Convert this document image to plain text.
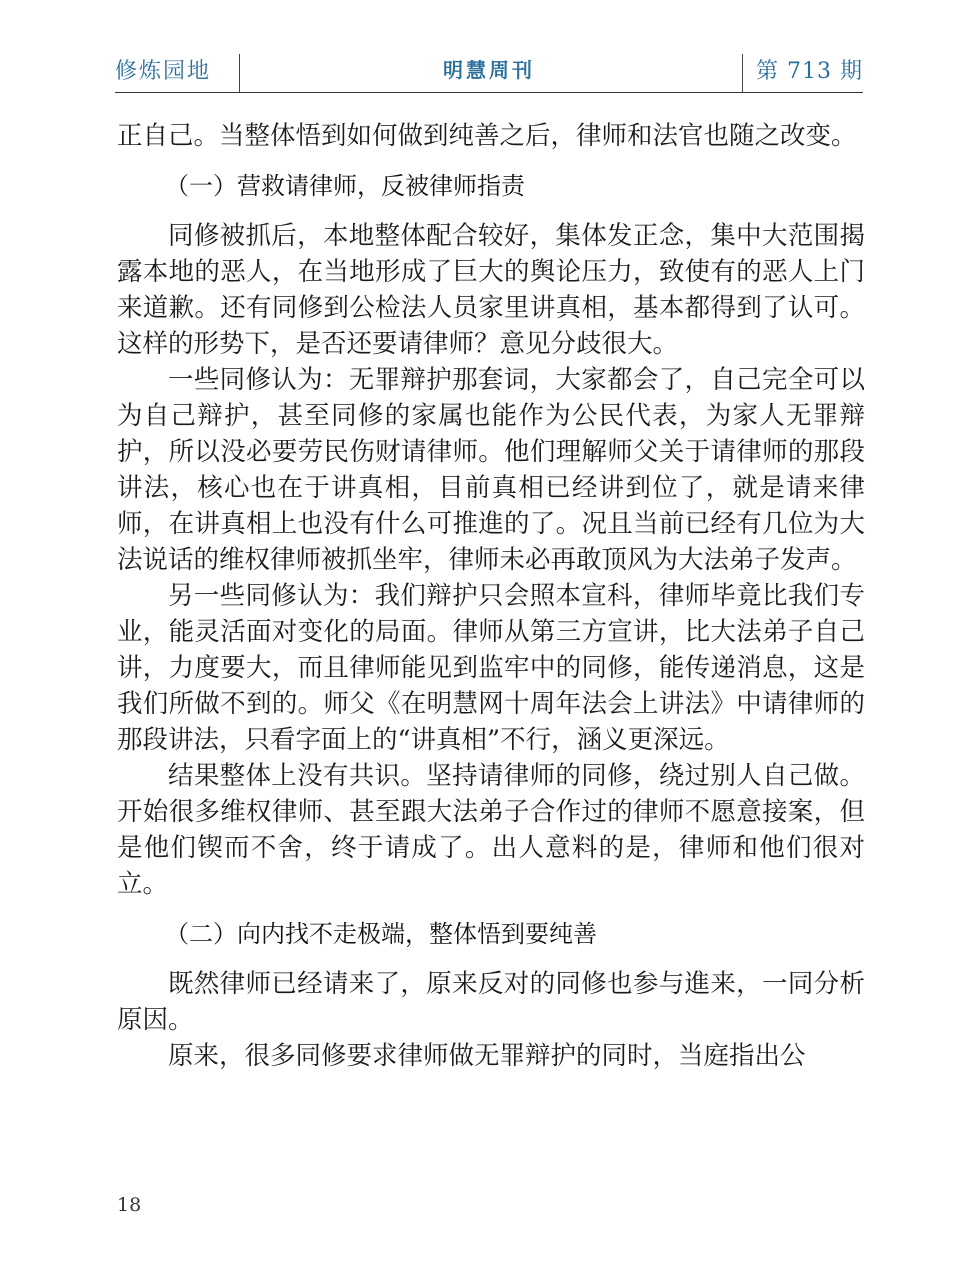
修炼园地	明慧周刊	第 713 期

正自己。当整体悟到如何做到纯善之后，律师和法官也随之改变。

（一）营救请律师，反被律师指责

同修被抓后，本地整体配合较好，集体发正念，集中大范围揭露本地的恶人，在当地形成了巨大的舆论压力，致使有的恶人上门来道歉。还有同修到公检法人员家里讲真相，基本都得到了认可。这样的形势下，是否还要请律师？意见分歧很大。

一些同修认为：无罪辩护那套词，大家都会了，自己完全可以为自己辩护，甚至同修的家属也能作为公民代表，为家人无罪辩护，所以没必要劳民伤财请律师。他们理解师父关于请律师的那段讲法，核心也在于讲真相，目前真相已经讲到位了，就是请来律师，在讲真相上也没有什么可推進的了。况且当前已经有几位为大法说话的维权律师被抓坐牢，律师未必再敢顶风为大法弟子发声。

另一些同修认为：我们辩护只会照本宣科，律师毕竟比我们专业，能灵活面对变化的局面。律师从第三方宣讲，比大法弟子自己讲，力度要大，而且律师能见到监牢中的同修，能传递消息，这是我们所做不到的。师父《在明慧网十周年法会上讲法》中请律师的那段讲法，只看字面上的“讲真相”不行，涵义更深远。

结果整体上没有共识。坚持请律师的同修，绕过别人自己做。开始很多维权律师、甚至跟大法弟子合作过的律师不愿意接案，但是他们锲而不舍，终于请成了。出人意料的是，律师和他们很对立。

（二）向内找不走极端，整体悟到要纯善

既然律师已经请来了，原来反对的同修也参与進来，一同分析原因。

原来，很多同修要求律师做无罪辩护的同时，当庭指出公

18
